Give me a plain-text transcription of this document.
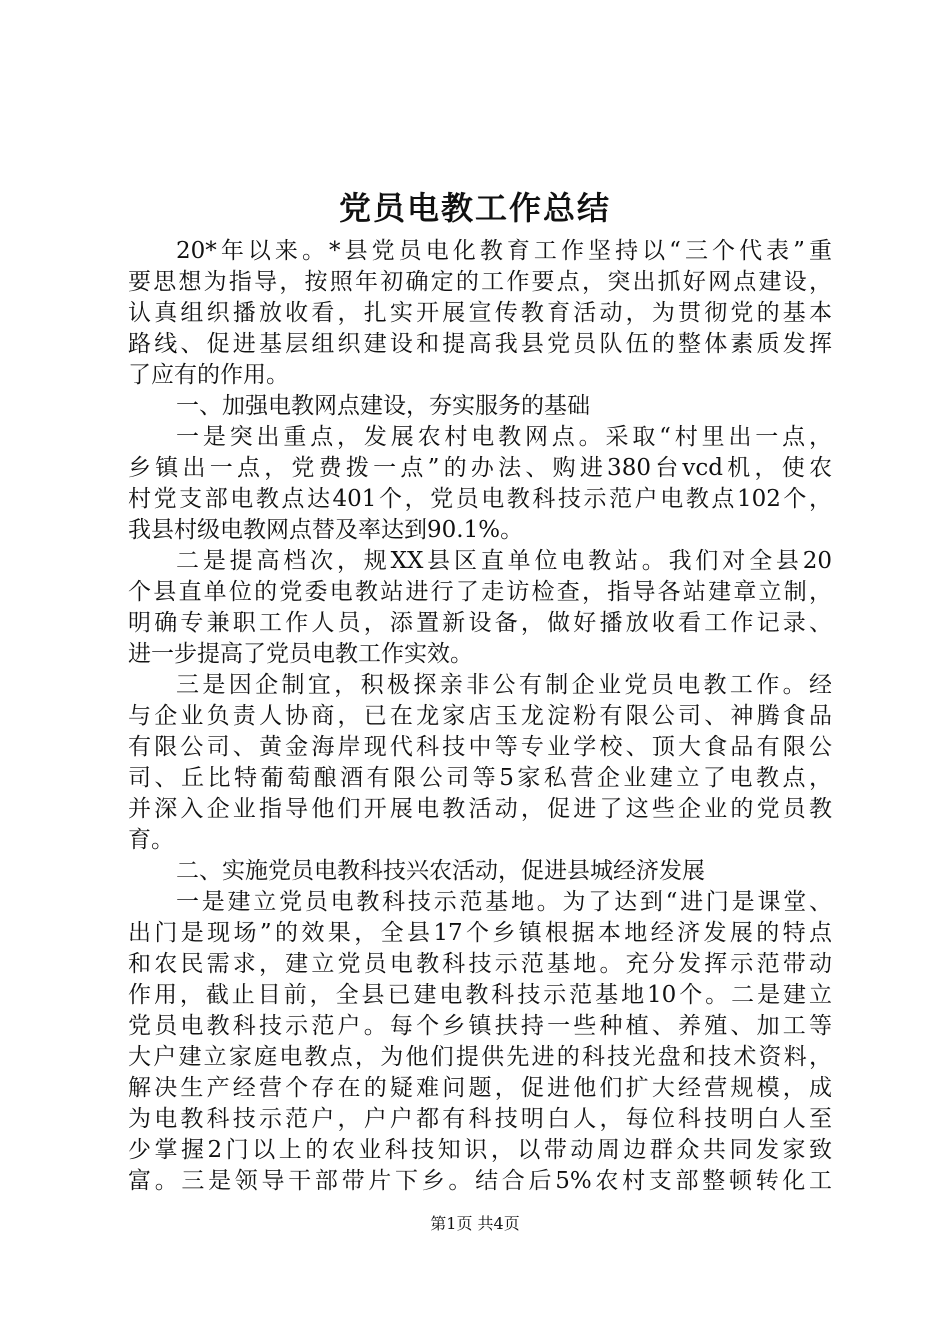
党员电教工作总结
20*年以来。*县党员电化教育工作坚持以“三个代表”重
要思想为指导，按照年初确定的工作要点，突出抓好网点建设，
认真组织播放收看，扎实开展宣传教育活动，为贯彻党的基本
路线、促进基层组织建设和提高我县党员队伍的整体素质发挥
了应有的作用。
一、加强电教网点建设，夯实服务的基础
一是突出重点，发展农村电教网点。采取“村里出一点，
乡镇出一点，党费拨一点”的办法、购进380台vcd机，使农
村党支部电教点达401个，党员电教科技示范户电教点102个，
我县村级电教网点替及率达到90.1%。
二是提高档次，规XX县区直单位电教站。我们对全县20
个县直单位的党委电教站进行了走访检查，指导各站建章立制，
明确专兼职工作人员，添置新设备，做好播放收看工作记录、
进一步提高了党员电教工作实效。
三是因企制宜，积极探亲非公有制企业党员电教工作。经
与企业负责人协商，已在龙家店玉龙淀粉有限公司、神腾食品
有限公司、黄金海岸现代科技中等专业学校、顶大食品有限公
司、丘比特葡萄酿酒有限公司等5家私营企业建立了电教点，
并深入企业指导他们开展电教活动，促进了这些企业的党员教
育。
二、实施党员电教科技兴农活动，促进县城经济发展
一是建立党员电教科技示范基地。为了达到“进门是课堂、
出门是现场”的效果，全县17个乡镇根据本地经济发展的特点
和农民需求，建立党员电教科技示范基地。充分发挥示范带动
作用，截止目前，全县已建电教科技示范基地10个。二是建立
党员电教科技示范户。每个乡镇扶持一些种植、养殖、加工等
大户建立家庭电教点，为他们提供先进的科技光盘和技术资料，
解决生产经营个存在的疑难问题，促进他们扩大经营规模，成
为电教科技示范户，户户都有科技明白人，每位科技明白人至
少掌握2门以上的农业科技知识，以带动周边群众共同发家致
富。三是领导干部带片下乡。结合后5%农村支部整顿转化工
第1页 共4页
